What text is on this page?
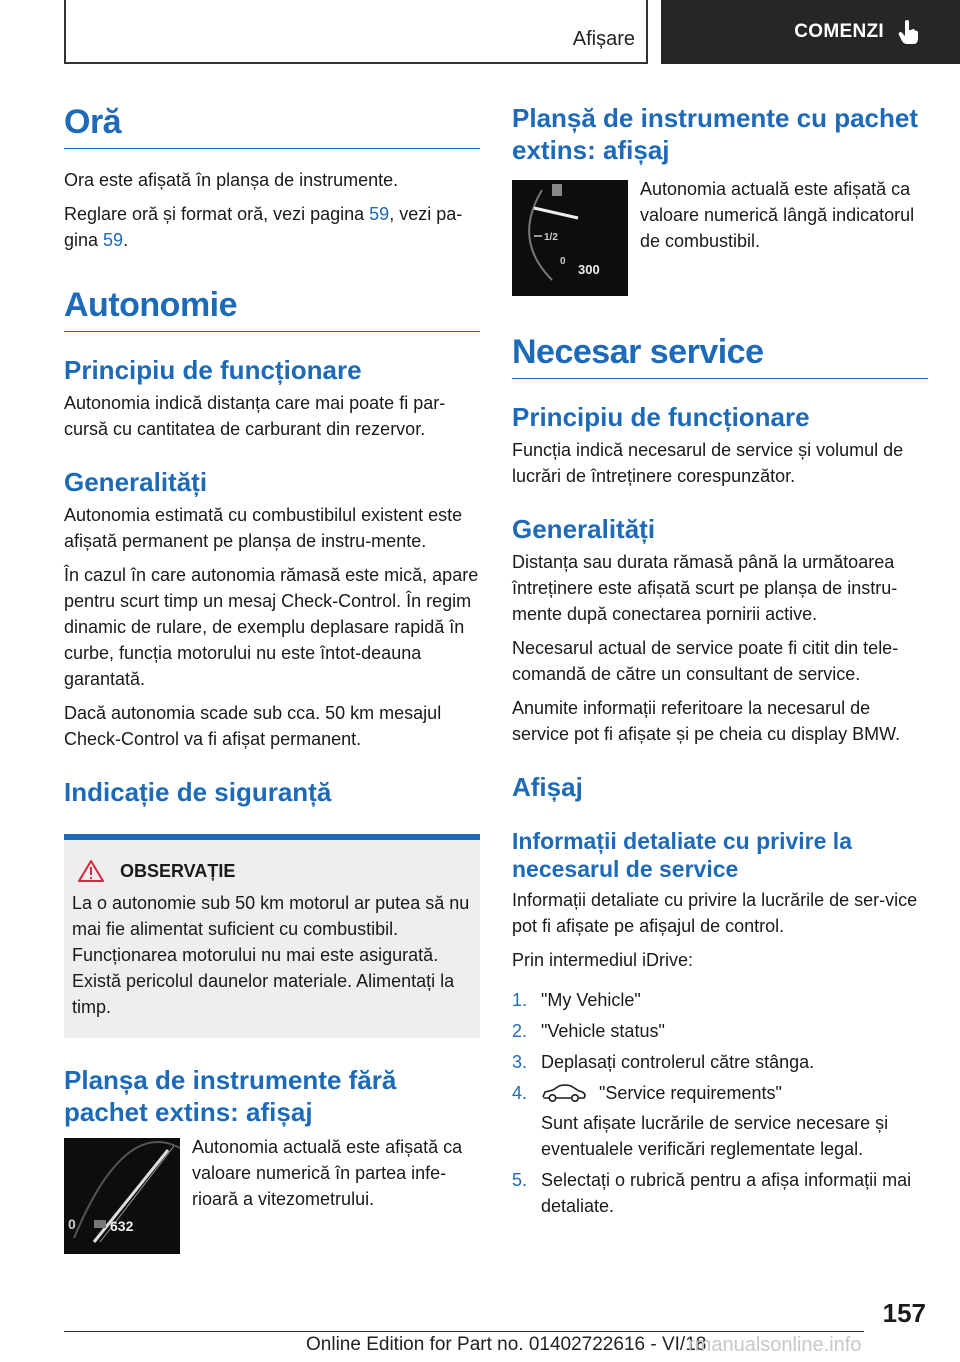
Afișare	COMENZI
Oră

Ora este afișată în planșa de instrumente.

Reglare oră și format oră, vezi pagina 59, vezi pa-
gina 59.

Autonomie
Principiu de funcționare

Autonomia indică distanța care mai poate fi par-cursă cu cantitatea de carburant din rezervor.

Generalități

Autonomia estimată cu combustibilul existent este afișată permanent pe planșa de instru-mente.

În cazul în care autonomia rămasă este mică, apare pentru scurt timp un mesaj Check-Control. În regim dinamic de rulare, de exemplu deplasare rapidă în curbe, funcția motorului nu este întot-deauna garantată.

Dacă autonomia scade sub cca. 50 km mesajul Check-Control va fi afișat permanent.

Indicație de siguranță
OBSERVAȚIE

La o autonomie sub 50 km motorul ar putea să nu mai fie alimentat suficient cu combustibil. Funcționarea motorului nu mai este asigurată. Există pericolul daunelor materiale. Alimentați la timp.

Planșa de instrumente fără pachet extins: afișaj
0 632

Autonomia actuală este afișată ca valoare numerică în partea infe-rioară a vitezometrului.

Planșă de instrumente cu pachet extins: afișaj
1/2
0
300

Autonomia actuală este afișată ca valoare numerică lângă indicatorul de combustibil.

Necesar service
Principiu de funcționare

Funcția indică necesarul de service și volumul de lucrări de întreținere corespunzător.

Generalități

Distanța sau durata rămasă până la următoarea întreținere este afișată scurt pe planșa de instru-mente după conectarea pornirii active.

Necesarul actual de service poate fi citit din tele-comandă de către un consultant de service.

Anumite informații referitoare la necesarul de service pot fi afișate și pe cheia cu display BMW.

Afișaj
Informații detaliate cu privire la necesarul de service

Informații detaliate cu privire la lucrările de ser-vice pot fi afișate pe afișajul de control.

Prin intermediul iDrive:

1. "My Vehicle"
2. "Vehicle status"
3. Deplasați controlerul către stânga.
4.	"Service requirements"
Sunt afișate lucrările de service necesare și eventualele verificări reglementate legal.
5. Selectați o rubrică pentru a afișa informații mai detaliate.
157
Online Edition for Part no. 01402722616 - VI/18
rmanualsonline.info
